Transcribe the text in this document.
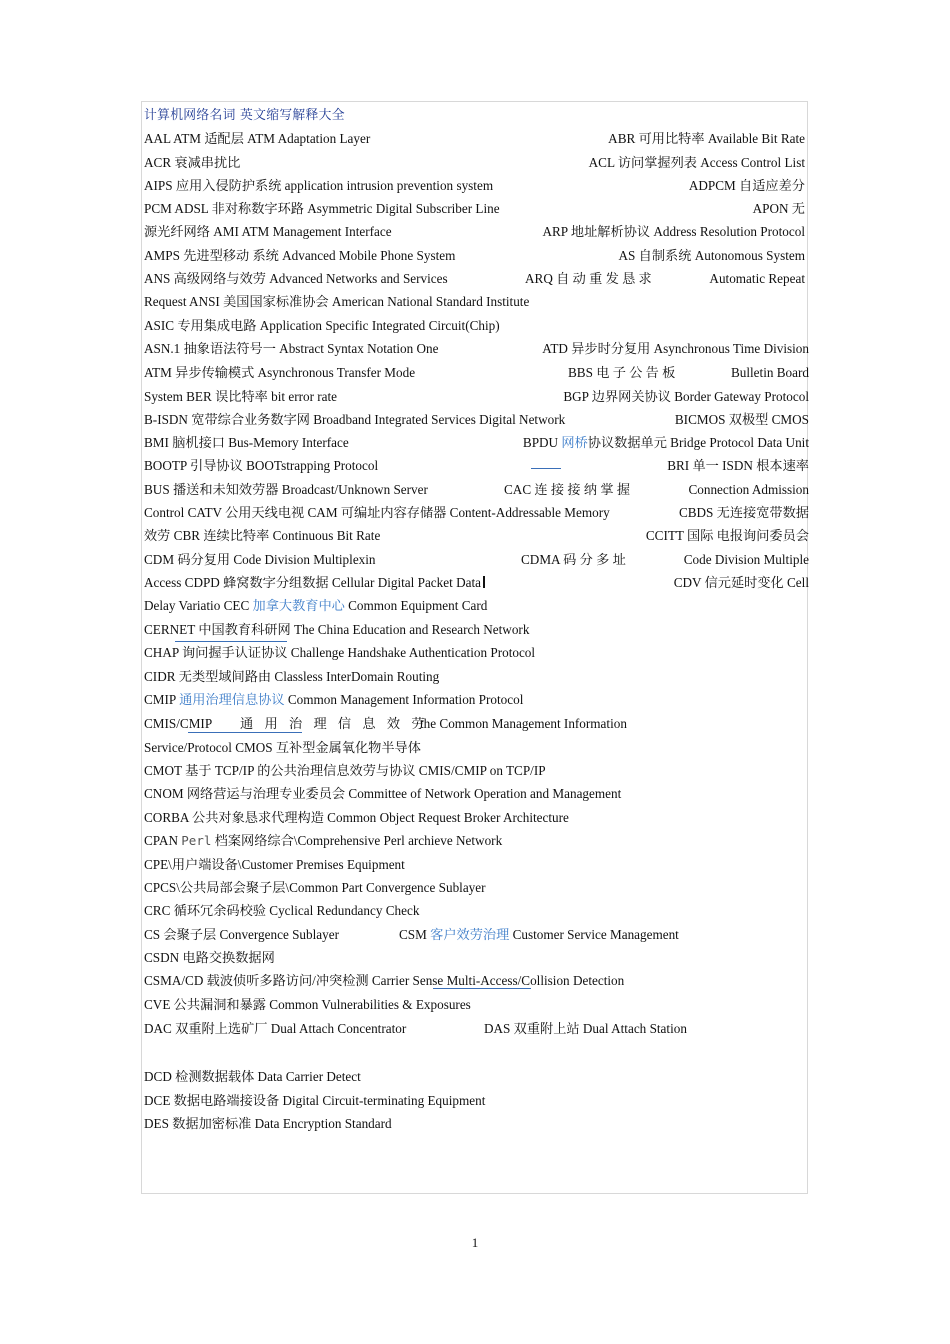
计算机网络名词 英文缩写解释大全
AAL ATM 适配层 ATM Adaptation Layer	ABR 可用比特率 Available Bit Rate
ACR 衰减串扰比	ACL 访问掌握列表 Access Control List
AIPS 应用入侵防护系统 application intrusion prevention system	ADPCM 自适应差分
PCM ADSL 非对称数字环路 Asymmetric Digital Subscriber Line	APON 无
源光纤网络 AMI ATM Management Interface	ARP 地址解析协议 Address Resolution Protocol
AMPS 先进型移动 系统 Advanced Mobile Phone System	AS 自制系统 Autonomous System
ANS 高级网络与效劳 Advanced Networks and Services	ARQ 自 动 重 发 恳 求	Automatic Repeat
Request ANSI 美国国家标准协会 American National Standard Institute
ASIC 专用集成电路 Application Specific Integrated Circuit(Chip)
ASN.1 抽象语法符号一 Abstract Syntax Notation One	ATD 异步时分复用 Asynchronous Time Division
ATM 异步传输模式 Asynchronous Transfer Mode	BBS 电 子 公 告 板	Bulletin Board
System BER 误比特率 bit error rate	BGP 边界网关协议 Border Gateway Protocol
B-ISDN 宽带综合业务数字网 Broadband Integrated Services Digital Network	BICMOS 双极型 CMOS
BMI 脑机接口 Bus-Memory Interface	BPDU 网桥协议数据单元 Bridge Protocol Data Unit
BOOTP 引导协议 BOOTstrapping Protocol	BRI 单一 ISDN 根本速率
BUS 播送和未知效劳器 Broadcast/Unknown Server	CAC 连 接 接 纳 掌 握	Connection Admission
Control CATV 公用天线电视 CAM 可编址内容存储器 Content-Addressable Memory	CBDS 无连接宽带数据
效劳 CBR 连续比特率 Continuous Bit Rate	CCITT 国际 电报询问委员会
CDM 码分复用 Code Division Multiplexin	CDMA 码 分 多 址	Code Division Multiple
Access CDPD 蜂窝数字分组数据 Cellular Digital Packet Data	CDV 信元延时变化 Cell
Delay Variatio CEC 加拿大教育中心 Common Equipment Card
CERNET 中国教育科研网 The China Education and Research Network
CHAP 询问握手认证协议 Challenge Handshake Authentication Protocol
CIDR 无类型域间路由 Classless InterDomain Routing
CMIP 通用治理信息协议 Common Management Information Protocol
CMIS/CMIP 通 用 治 理 信 息 效 劳
the Common Management Information
Service/Protocol CMOS 互补型金属氧化物半导体
CMOT 基于 TCP/IP 的公共治理信息效劳与协议 CMIS/CMIP on TCP/IP
CNOM 网络营运与治理专业委员会 Committee of Network Operation and Management
CORBA 公共对象恳求代理构造 Common Object Request Broker Architecture
CPAN Perl 档案网络综合\Comprehensive Perl archieve Network
CPE\用户端设备\Customer Premises Equipment
CPCS\公共局部会聚子层\Common Part Convergence Sublayer
CRC 循环冗余码校验 Cyclical Redundancy Check
CS 会聚子层 Convergence Sublayer	CSM 客户效劳治理 Customer Service Management
CSDN 电路交换数据网
CSMA/CD 载波侦听多路访问/冲突检测 Carrier Sense Multi-Access/Collision Detection
CVE 公共漏洞和暴露 Common Vulnerabilities & Exposures
DAC 双重附上选矿厂 Dual Attach Concentrator	DAS 双重附上站 Dual Attach Station
DCD 检测数据载体 Data Carrier Detect
DCE 数据电路端接设备 Digital Circuit-terminating Equipment
DES 数据加密标准 Data Encryption Standard
1
